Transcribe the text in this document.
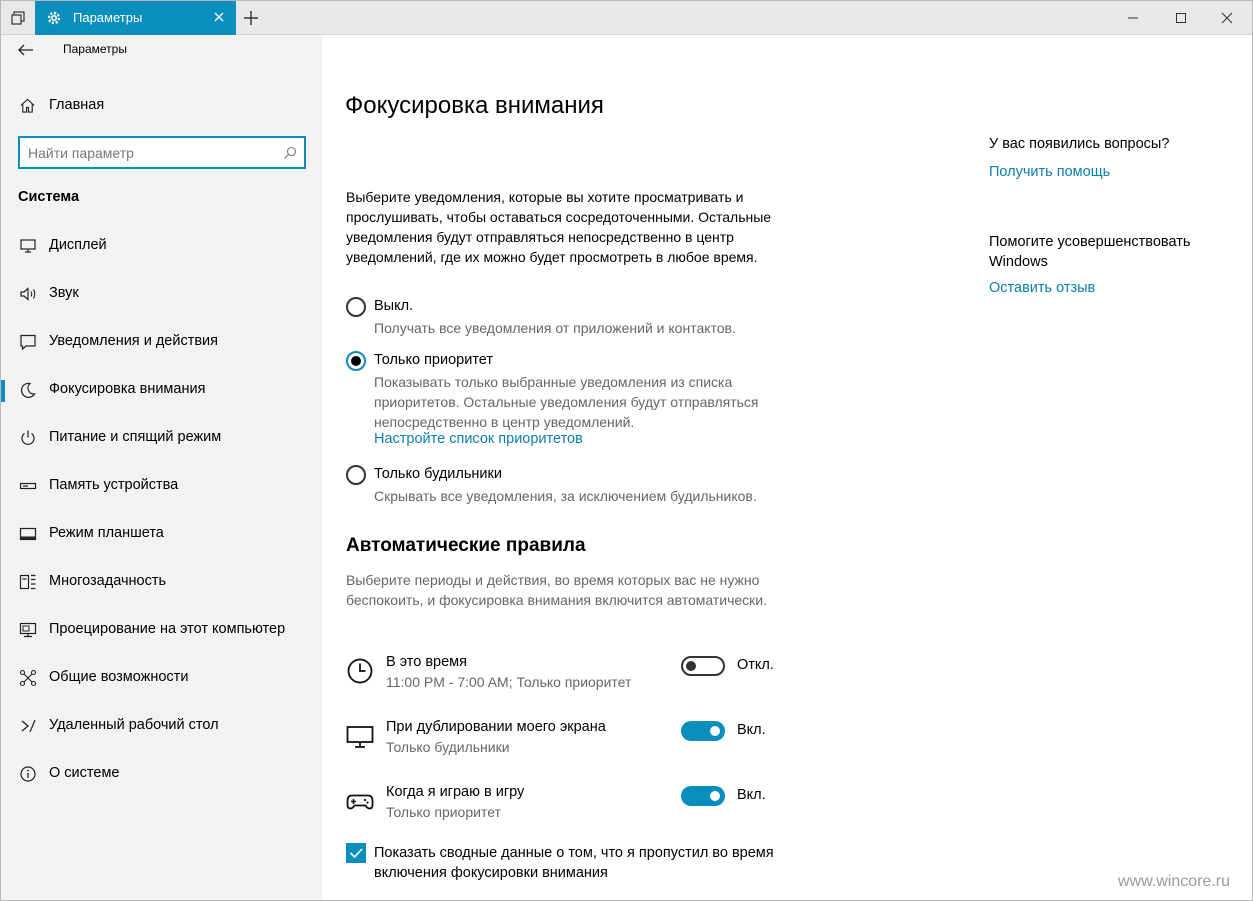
Параметры
Параметры
Главная
Найти параметр
Система
Дисплей
Звук
Уведомления и действия
Фокусировка внимания
Питание и спящий режим
Память устройства
Режим планшета
Многозадачность
Проецирование на этот компьютер
Общие возможности
Удаленный рабочий стол
О системе
Фокусировка внимания

Выберите уведомления, которые вы хотите просматривать и прослушивать, чтобы оставаться сосредоточенными. Остальные уведомления будут отправляться непосредственно в центр уведомлений, где их можно будет просмотреть в любое время.

Выкл.
Получать все уведомления от приложений и контактов.
Только приоритет
Показывать только выбранные уведомления из списка приоритетов. Остальные уведомления будут отправляться непосредственно в центр уведомлений.
Настройте список приоритетов
Только будильники
Скрывать все уведомления, за исключением будильников.
Автоматические правила

Выберите периоды и действия, во время которых вас не нужно беспокоить, и фокусировка внимания включится автоматически.

В это время
11:00 PM - 7:00 AM; Только приоритет
Откл.
При дублировании моего экрана
Только будильники
Вкл.
Когда я играю в игру
Только приоритет
Вкл.
Показать сводные данные о том, что я пропустил во время включения фокусировки внимания
У вас появились вопросы?
Получить помощь
Помогите усовершенствовать Windows
Оставить отзыв
www.wincore.ru
